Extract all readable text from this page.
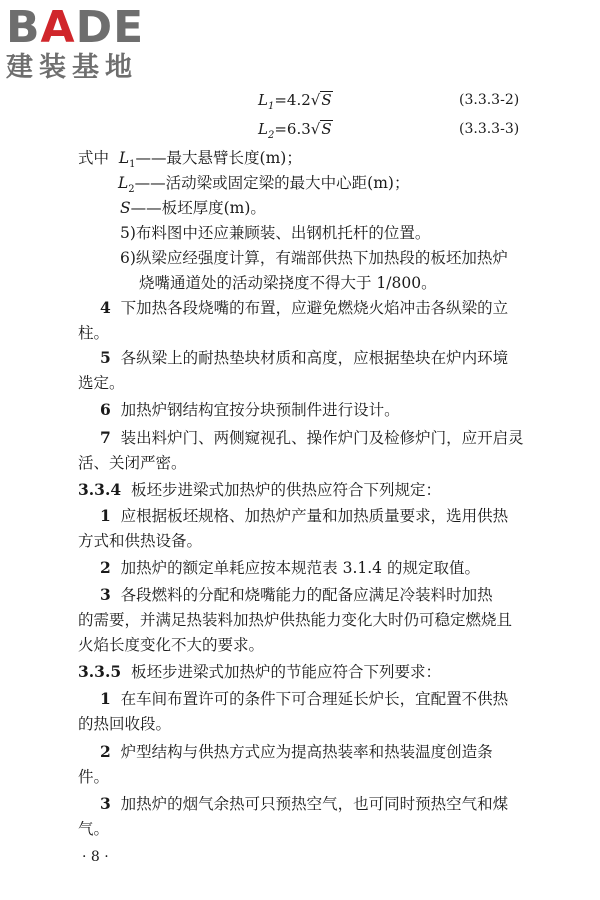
BADE
建装基地
$L_1=4.2√S$	(3.3.3-2)
$L_2=6.3√S$	(3.3.3-3)
式中 $L_1——$最大悬臂长度(m)；
$L_2——$活动梁或固定梁的最大中心距(m)；
S——板坯厚度(m)。
5)布料图中还应兼顾装、出钢机托杆的位置。
6)纵梁应经强度计算，有端部供热下加热段的板坯加热炉
烧嘴通道处的活动梁挠度不得大于 1/800。
4 下加热各段烧嘴的布置，应避免燃烧火焰冲击各纵梁的立
柱。
5 各纵梁上的耐热垫块材质和高度，应根据垫块在炉内环境
选定。
6 加热炉钢结构宜按分块预制件进行设计。
7 装出料炉门、两侧窥视孔、操作炉门及检修炉门，应开启灵
活、关闭严密。
3.3.4 板坯步进梁式加热炉的供热应符合下列规定：
1 应根据板坯规格、加热炉产量和加热质量要求，选用供热
方式和供热设备。
2 加热炉的额定单耗应按本规范表 3.1.4 的规定取值。
3 各段燃料的分配和烧嘴能力的配备应满足冷装料时加热
的需要，并满足热装料加热炉供热能力变化大时仍可稳定燃烧且
火焰长度变化不大的要求。
3.3.5 板坯步进梁式加热炉的节能应符合下列要求：
1 在车间布置许可的条件下可合理延长炉长，宜配置不供热
的热回收段。
2 炉型结构与供热方式应为提高热装率和热装温度创造条
件。
3 加热炉的烟气余热可只预热空气，也可同时预热空气和煤
气。
· 8 ·
